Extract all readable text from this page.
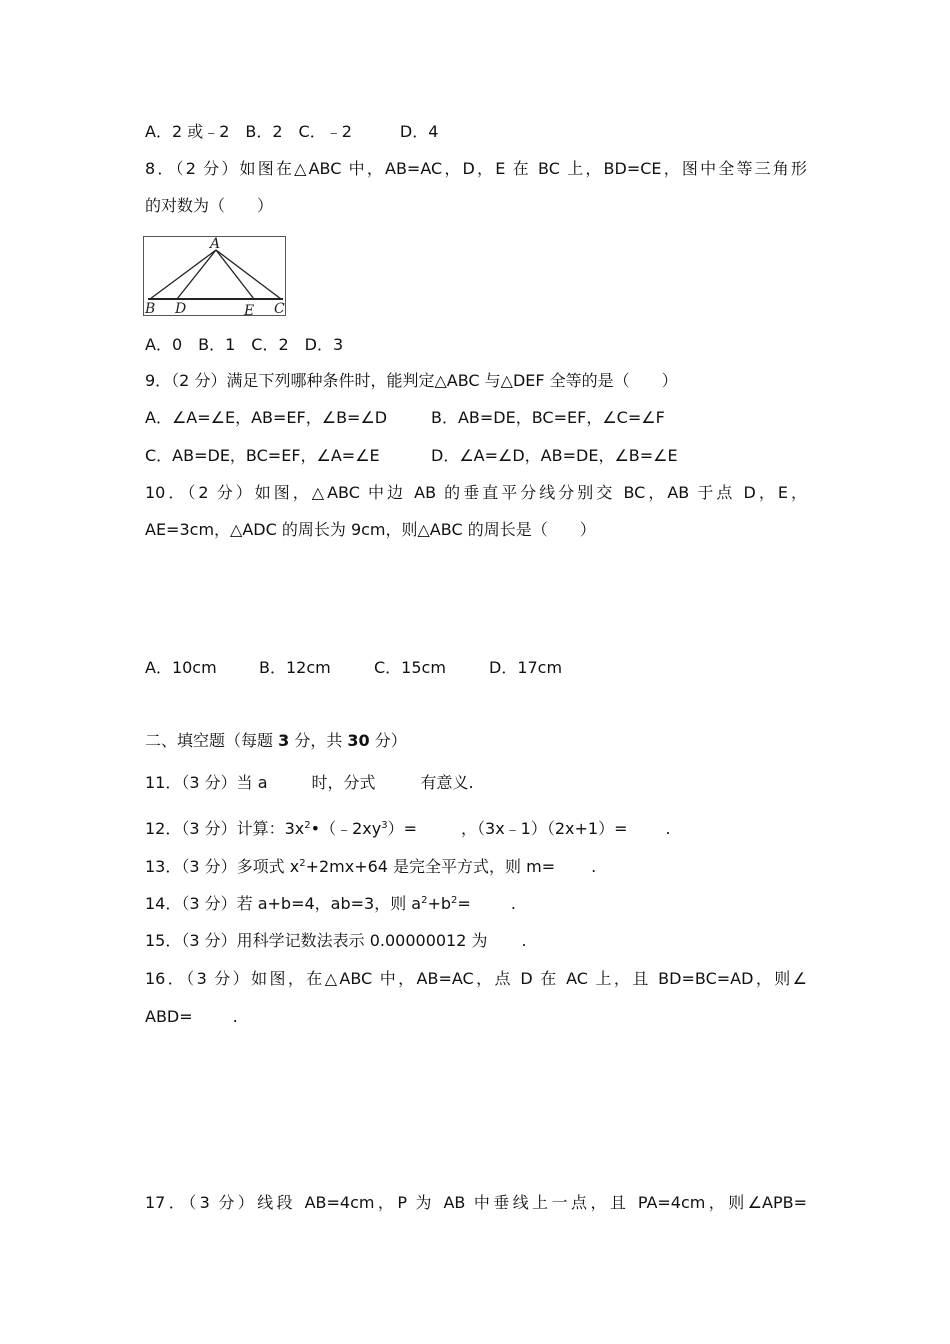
A．2 或﹣2　B．2　C．﹣2　　　D．4
8．（2 分）如图在△ABC 中，AB=AC，D，E 在 BC 上，BD=CE，图中全等三角形
的对数为（　　）
A
B D	E C
A．0　B．1　C．2　D．3
9．（2 分）满足下列哪种条件时，能判定△ABC 与△DEF 全等的是（　　）
A．∠A=∠E，AB=EF，∠B=∠D	B．AB=DE，BC=EF，∠C=∠F
C．AB=DE，BC=EF，∠A=∠E	D．∠A=∠D，AB=DE，∠B=∠E
10．（2 分）如图，△ABC 中边 AB 的垂直平分线分别交 BC，AB 于点 D，E，
AE=3cm，△ADC 的周长为 9cm，则△ABC 的周长是（　　）
A．10cm	B．12cm	C．15cm	D．17cm
二、填空题（每题 3 分，共 30 分）
11．（3 分）当 a	时，分式	有意义.
12．（3 分）计算：$3x^2•(﹣2xy^3)=$	，（3x﹣1）（2x+1）= .
13．（3 分）多项式 $x^2+2mx+64$ 是完全平方式，则 m= .
14．（3 分）若 a+b=4，ab=3，则 $a^2+b^2=$	.
15．（3 分）用科学记数法表示 0.00000012 为 .
16．（3 分）如图，在△ABC 中，AB=AC，点 D 在 AC 上，且 BD=BC=AD，则∠
ABD=	.
17．（3 分）线段 AB=4cm，P 为 AB 中垂线上一点，且 PA=4cm，则∠APB=
